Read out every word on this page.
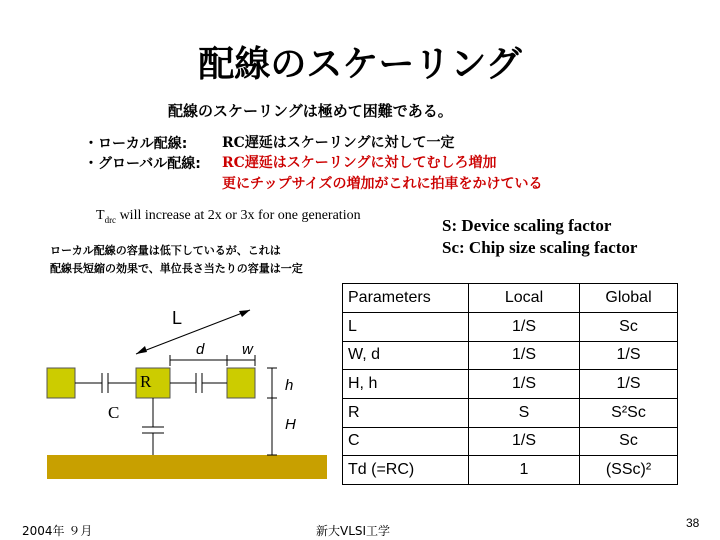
配線のスケーリング
配線のスケーリングは極めて困難である。
・ローカル配線: RC遅延はスケーリングに対して一定
・グローバル配線: RC遅延はスケーリングに対してむしろ増加
更にチップサイズの増加がこれに拍車をかけている
$T_{drc}$ will increase at 2x or 3x for one generation
S: Device scaling factor
Sc: Chip size scaling factor
ローカル配線の容量は低下しているが、これは
配線長短縮の効果で、単位長さ当たりの容量は一定
L
d	w
R	h
C
H
Parameters	Local	Global
L	1/S	Sc
W, d	1/S	1/S
H, h	1/S	1/S
R	S	S²Sc
C	1/S	Sc
Td (=RC)	1	(SSc)²
2004年 ９月	新大VLSI工学
38
